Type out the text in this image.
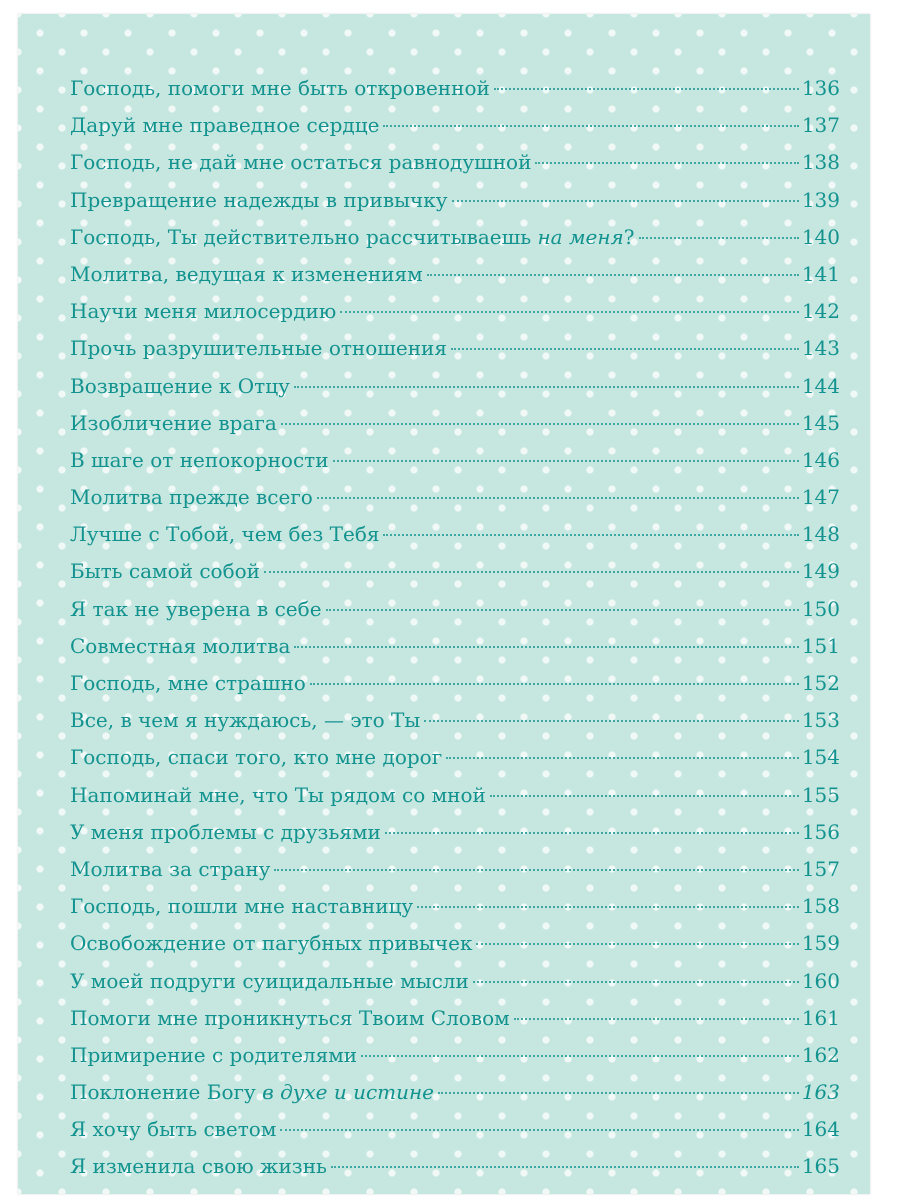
Господь, помоги мне быть откровенной	136
Даруй мне праведное сердце	137
Господь, не дай мне остаться равнодушной	138
Превращение надежды в привычку	139
Господь, Ты действительно рассчитываешь на меня?	140
Молитва, ведущая к изменениям	141
Научи меня милосердию	142
Прочь разрушительные отношения	143
Возвращение к Отцу	144
Изобличение врага	145
В шаге от непокорности	146
Молитва прежде всего	147
Лучше с Тобой, чем без Тебя	148
Быть самой собой	149
Я так не уверена в себе	150
Совместная молитва	151
Господь, мне страшно	152
Все, в чем я нуждаюсь, — это Ты	153
Господь, спаси того, кто мне дорог	154
Напоминай мне, что Ты рядом со мной	155
У меня проблемы с друзьями	156
Молитва за страну	157
Господь, пошли мне наставницу	158
Освобождение от пагубных привычек	159
У моей подруги суицидальные мысли	160
Помоги мне проникнуться Твоим Словом	161
Примирение с родителями	162
Поклонение Богу в духе и истине	163
Я хочу быть светом	164
Я изменила свою жизнь	165
